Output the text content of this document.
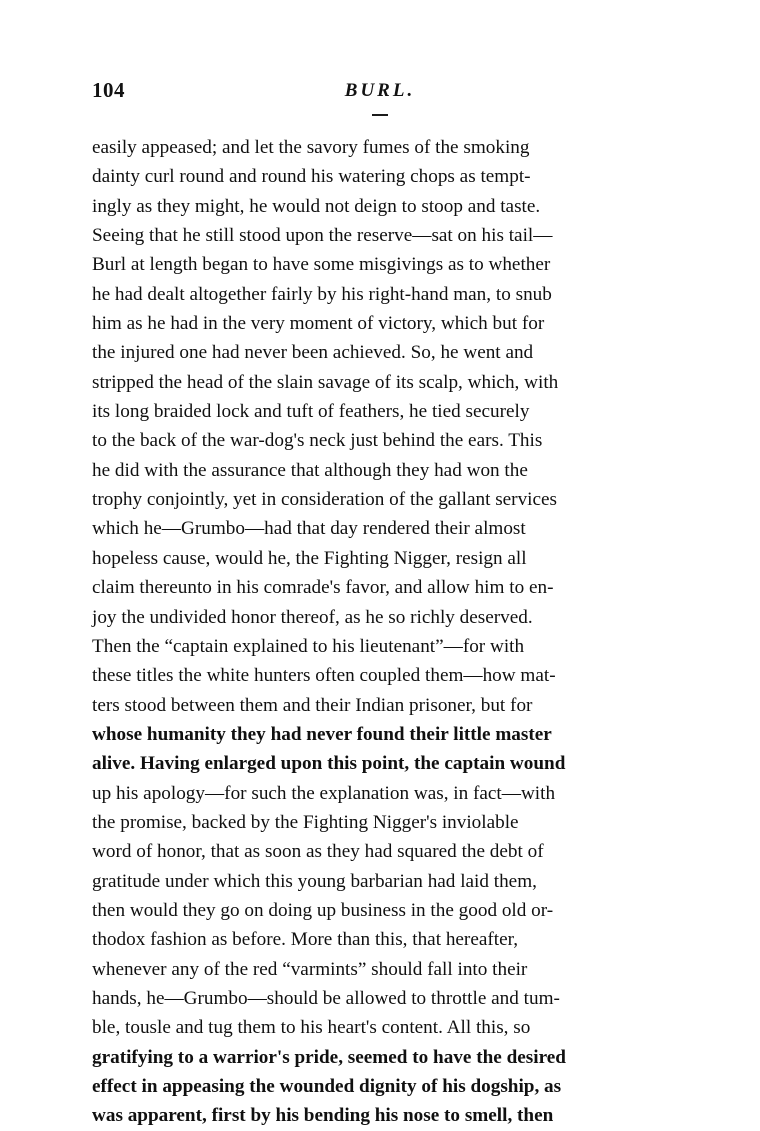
104	BURL.
easily appeased; and let the savory fumes of the smoking
dainty curl round and round his watering chops as tempt-
ingly as they might, he would not deign to stoop and taste.
Seeing that he still stood upon the reserve—sat on his tail—
Burl at length began to have some misgivings as to whether
he had dealt altogether fairly by his right-hand man, to snub
him as he had in the very moment of victory, which but for
the injured one had never been achieved. So, he went and
stripped the head of the slain savage of its scalp, which, with
its long braided lock and tuft of feathers, he tied securely
to the back of the war-dog's neck just behind the ears. This
he did with the assurance that although they had won the
trophy conjointly, yet in consideration of the gallant services
which he—Grumbo—had that day rendered their almost
hopeless cause, would he, the Fighting Nigger, resign all
claim thereunto in his comrade's favor, and allow him to en-
joy the undivided honor thereof, as he so richly deserved.
Then the “captain explained to his lieutenant”—for with
these titles the white hunters often coupled them—how mat-
ters stood between them and their Indian prisoner, but for
whose humanity they had never found their little master
alive. Having enlarged upon this point, the captain wound
up his apology—for such the explanation was, in fact—with
the promise, backed by the Fighting Nigger's inviolable
word of honor, that as soon as they had squared the debt of
gratitude under which this young barbarian had laid them,
then would they go on doing up business in the good old or-
thodox fashion as before. More than this, that hereafter,
whenever any of the red “varmints” should fall into their
hands, he—Grumbo—should be allowed to throttle and tum-
ble, tousle and tug them to his heart's content. All this, so
gratifying to a warrior's pride, seemed to have the desired
effect in appeasing the wounded dignity of his dogship, as
was apparent, first by his bending his nose to smell, then
